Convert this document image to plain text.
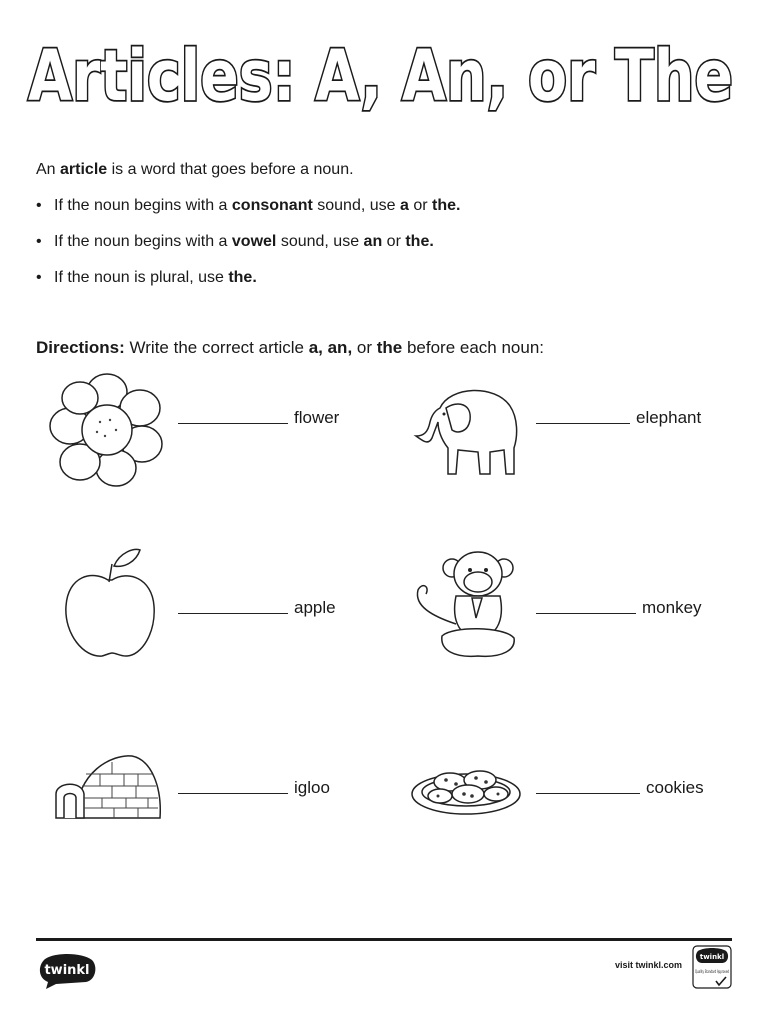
Articles: A, An, or The
An article is a word that goes before a noun.
• If the noun begins with a consonant sound, use a or the.
• If the noun begins with a vowel sound, use an or the.
• If the noun is plural, use the.
Directions: Write the correct article a, an, or the before each noun:
flower	elephant
apple	monkey
igloo	cookies
twinkl	visit twinkl.com
twinkl
Quality Standard Approved
